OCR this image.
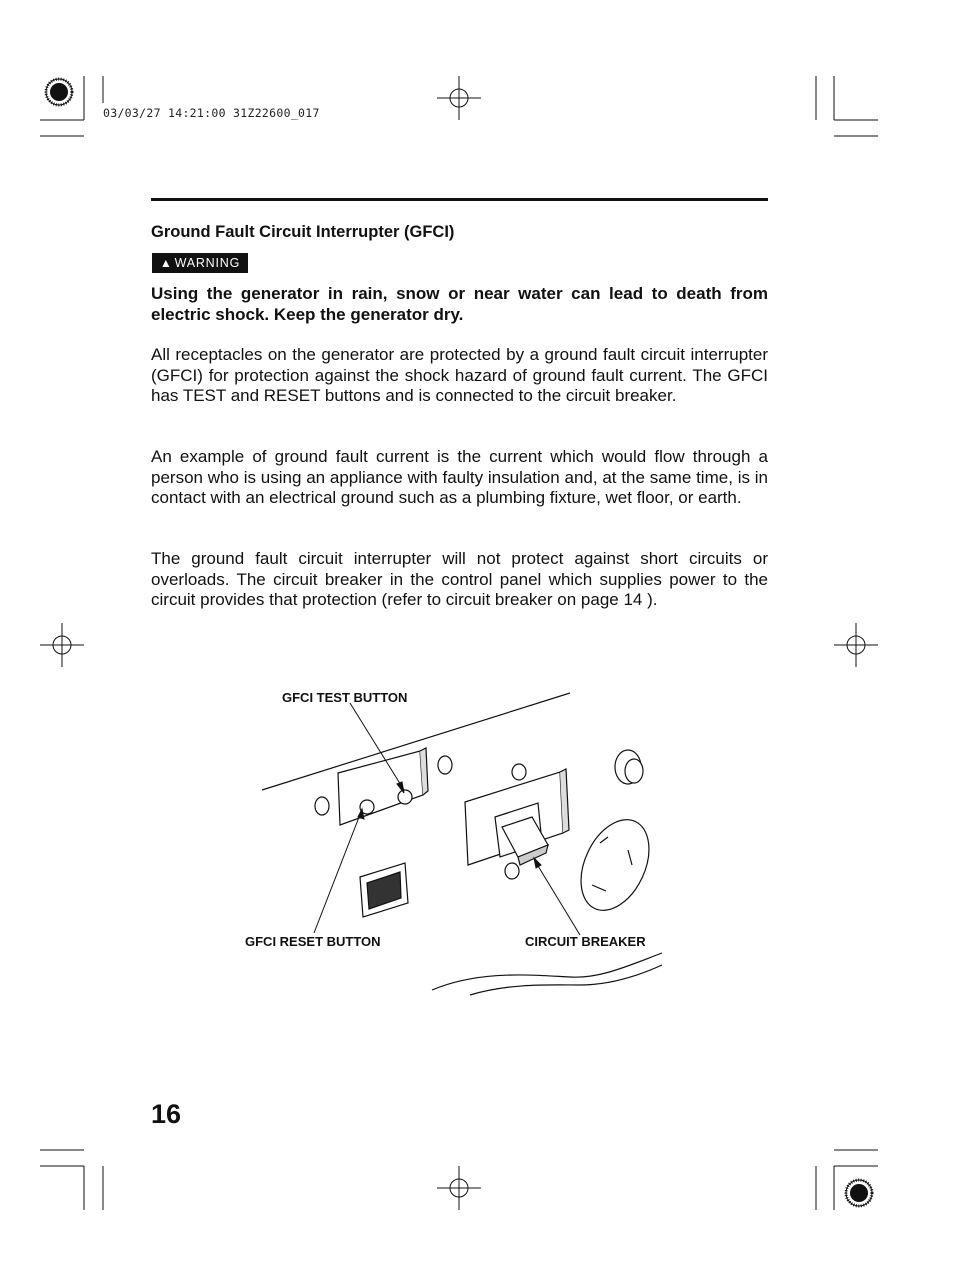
03/03/27 14:21:00 31Z22600_017
Ground Fault Circuit Interrupter (GFCI)
▲ WARNING
Using the generator in rain, snow or near water can lead to death from electric shock. Keep the generator dry.
All receptacles on the generator are protected by a ground fault circuit interrupter (GFCI) for protection against the shock hazard of ground fault current. The GFCI has TEST and RESET buttons and is connected to the circuit breaker.
An example of ground fault current is the current which would flow through a person who is using an appliance with faulty insulation and, at the same time, is in contact with an electrical ground such as a plumbing fixture, wet floor, or earth.
The ground fault circuit interrupter will not protect against short circuits or overloads. The circuit breaker in the control panel which supplies power to the circuit provides that protection (refer to circuit breaker on page 14 ).
GFCI TEST BUTTON
GFCI RESET BUTTON	CIRCUIT BREAKER
16
